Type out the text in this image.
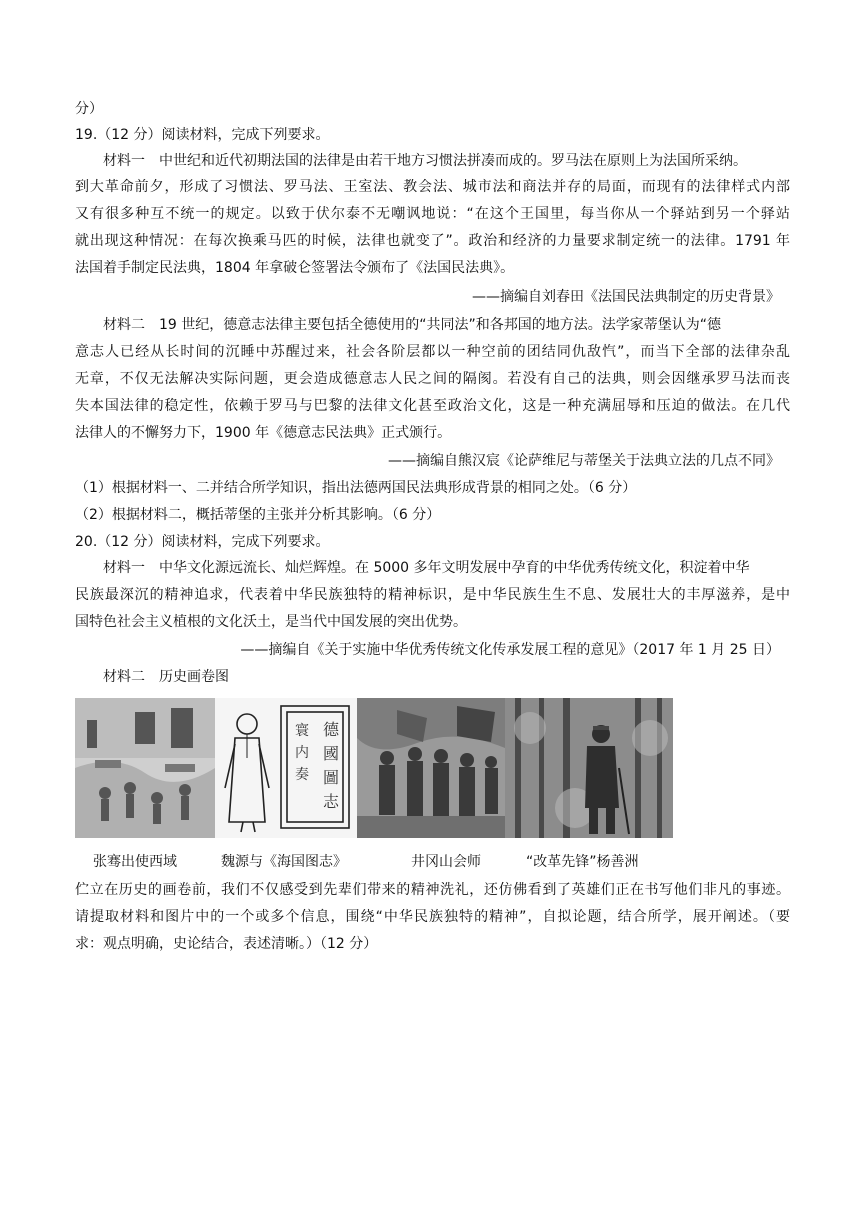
分）
19.（12 分）阅读材料，完成下列要求。
材料一　中世纪和近代初期法国的法律是由若干地方习惯法拼凑而成的。罗马法在原则上为法国所采纳。
到大革命前夕，形成了习惯法、罗马法、王室法、教会法、城市法和商法并存的局面，而现有的法律样式内部
又有很多种互不统一的规定。以致于伏尔泰不无嘲讽地说：“在这个王国里，每当你从一个驿站到另一个驿站
就出现这种情况：在每次换乘马匹的时候，法律也就变了”。政治和经济的力量要求制定统一的法律。1791 年
法国着手制定民法典，1804 年拿破仑签署法令颁布了《法国民法典》。
——摘编自刘春田《法国民法典制定的历史背景》
材料二　19 世纪，德意志法律主要包括全德使用的“共同法”和各邦国的地方法。法学家蒂堡认为“德
意志人已经从长时间的沉睡中苏醒过来，社会各阶层都以一种空前的团结同仇敌忾”，而当下全部的法律杂乱
无章，不仅无法解决实际问题，更会造成德意志人民之间的隔阂。若没有自己的法典，则会因继承罗马法而丧
失本国法律的稳定性，依赖于罗马与巴黎的法律文化甚至政治文化，这是一种充满屈辱和压迫的做法。在几代
法律人的不懈努力下，1900 年《德意志民法典》正式颁行。
——摘编自熊汉宸《论萨维尼与蒂堡关于法典立法的几点不同》
（1）根据材料一、二并结合所学知识，指出法德两国民法典形成背景的相同之处。（6 分）
（2）根据材料二，概括蒂堡的主张并分析其影响。（6 分）
20.（12 分）阅读材料，完成下列要求。
材料一　中华文化源远流长、灿烂辉煌。在 5000 多年文明发展中孕育的中华优秀传统文化，积淀着中华
民族最深沉的精神追求，代表着中华民族独特的精神标识，是中华民族生生不息、发展壮大的丰厚滋养，是中
国特色社会主义植根的文化沃土，是当代中国发展的突出优势。
——摘编自《关于实施中华优秀传统文化传承发展工程的意见》（2017 年 1 月 25 日）
材料二　历史画卷图
德國圖志
寰内奏
张骞出使西域	魏源与《海国图志》	井冈山会师	“改革先锋”杨善洲
伫立在历史的画卷前，我们不仅感受到先辈们带来的精神洗礼，还仿佛看到了英雄们正在书写他们非凡的事迹。
请提取材料和图片中的一个或多个信息，围绕“中华民族独特的精神”，自拟论题，结合所学，展开阐述。（要
求：观点明确，史论结合，表述清晰。）（12 分）
